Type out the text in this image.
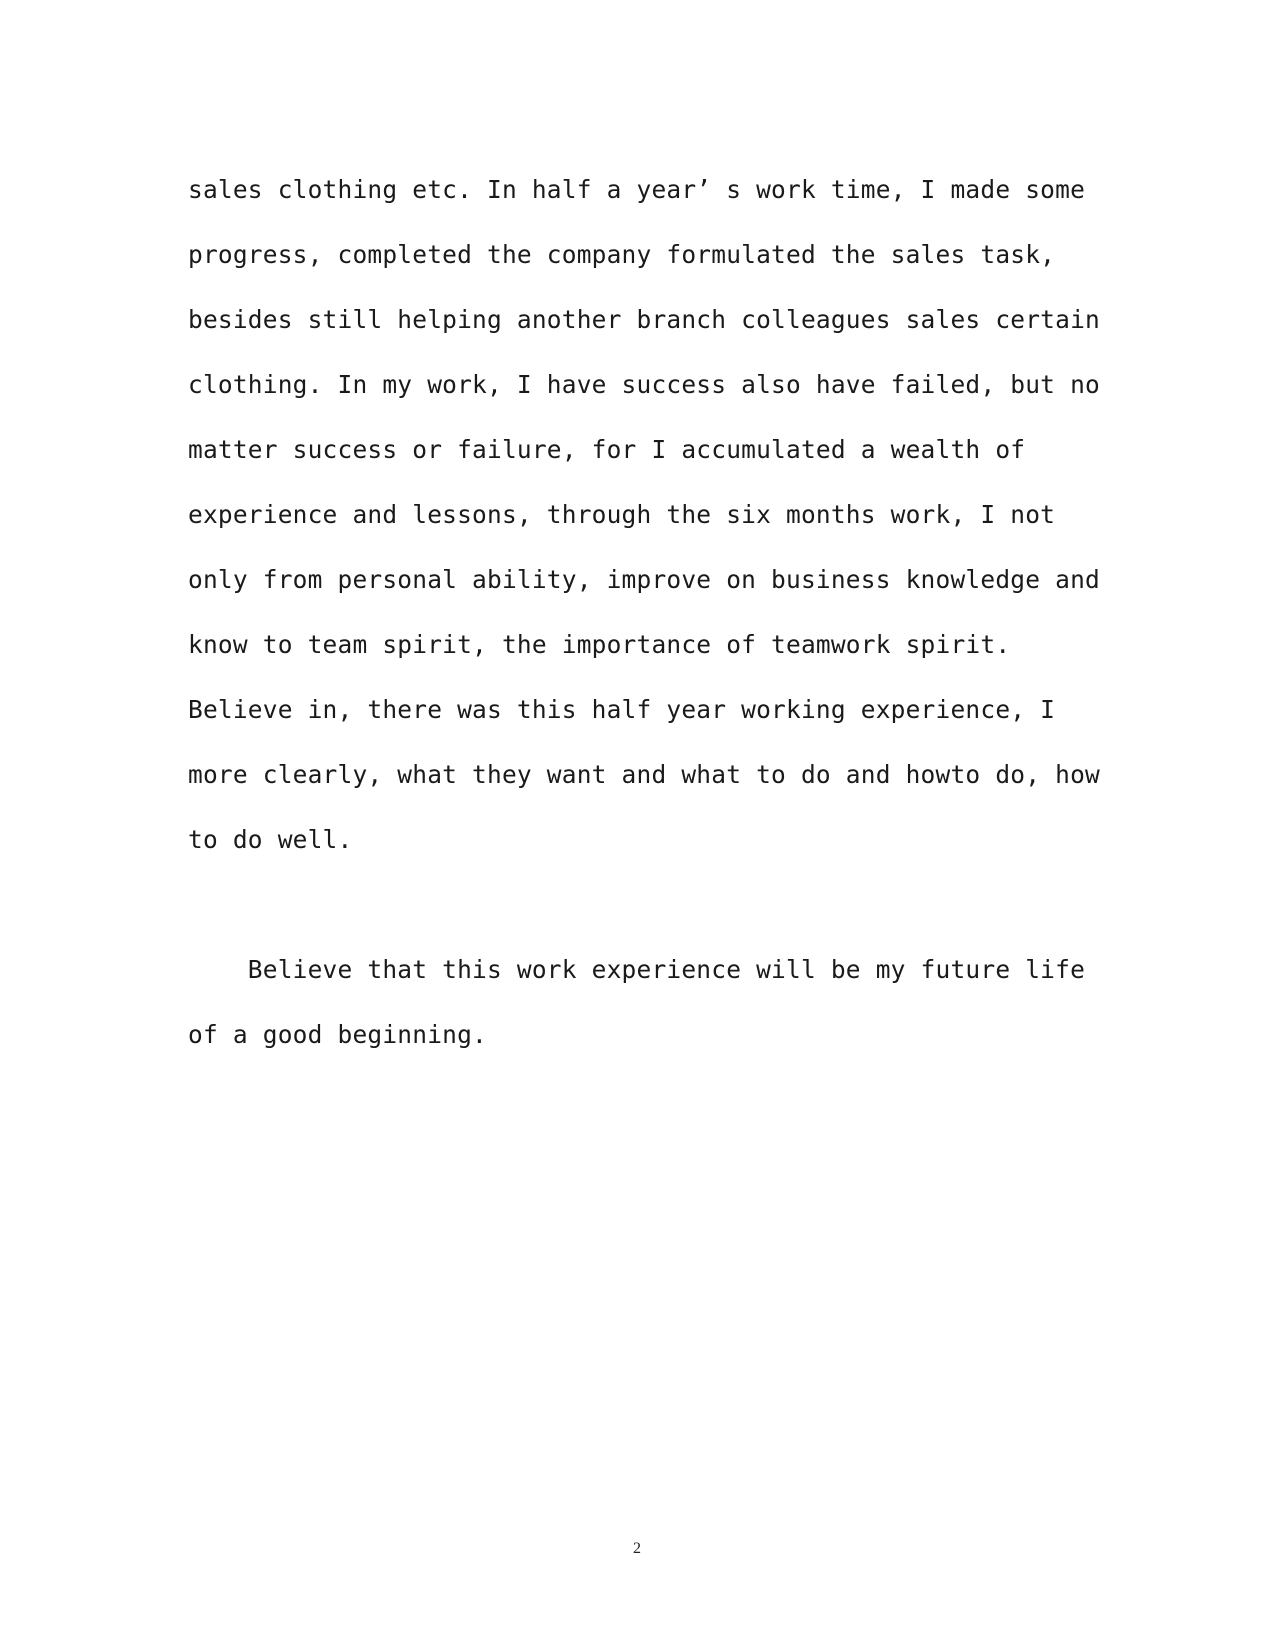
sales clothing etc. In half a year’ s work time, I made some
progress, completed the company formulated the sales task,
besides still helping another branch colleagues sales certain
clothing. In my work, I have success also have failed, but no
matter success or failure, for I accumulated a wealth of
experience and lessons, through the six months work, I not
only from personal ability, improve on business knowledge and
know to team spirit, the importance of teamwork spirit.
Believe in, there was this half year working experience, I
more clearly, what they want and what to do and howto do, how
to do well.
Believe that this work experience will be my future life
of a good beginning.
2
